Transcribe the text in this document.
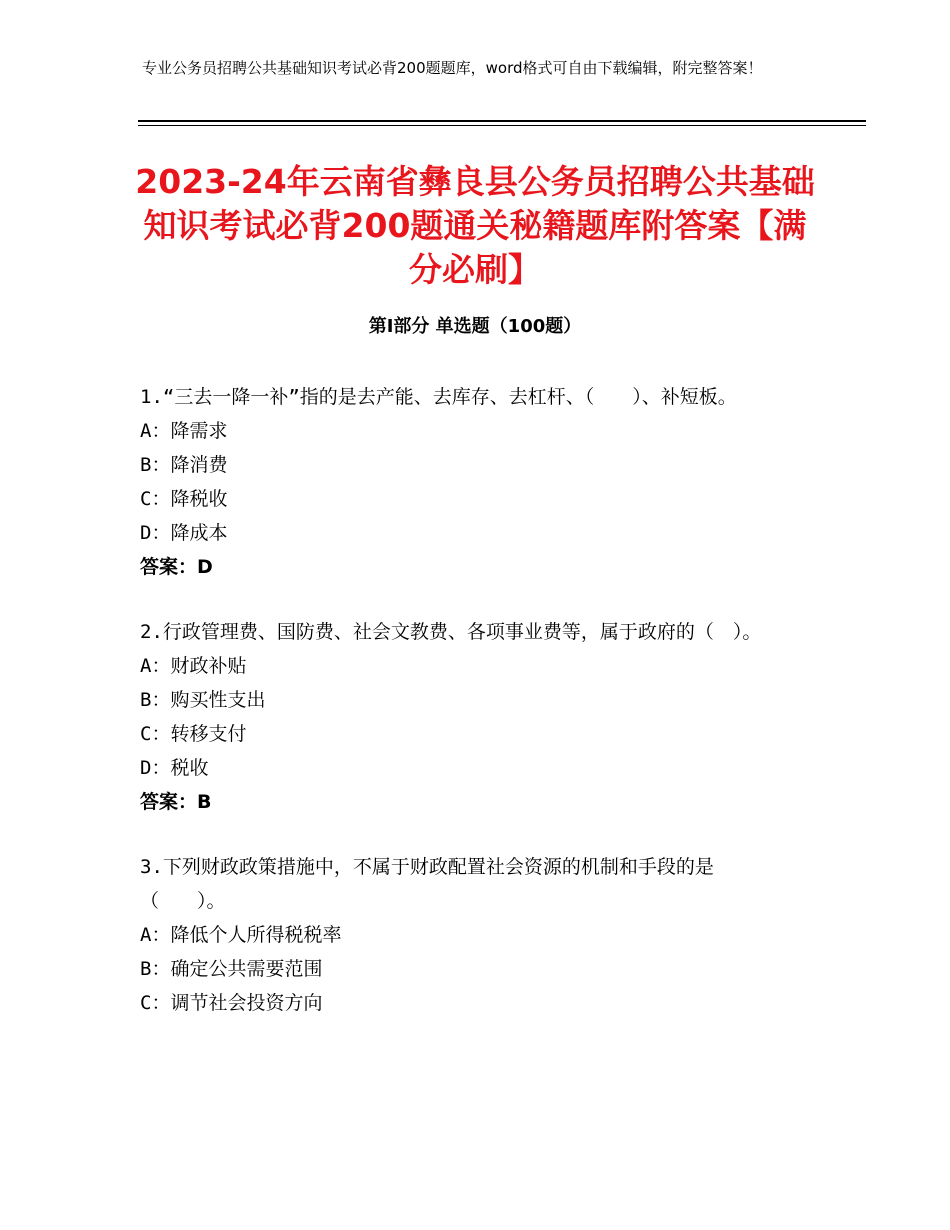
专业公务员招聘公共基础知识考试必背200题题库，word格式可自由下载编辑，附完整答案！
2023-24年云南省彝良县公务员招聘公共基础知识考试必背200题通关秘籍题库附答案【满分必刷】
第Ⅰ部分 单选题（100题）

1.“三去一降一补”指的是去产能、去库存、去杠杆、（　　）、补短板。

A：降需求

B：降消费

C：降税收

D：降成本

答案：D

2.行政管理费、国防费、社会文教费、各项事业费等，属于政府的（　）。

A：财政补贴

B：购买性支出

C：转移支付

D：税收

答案：B

3.下列财政政策措施中，不属于财政配置社会资源的机制和手段的是（　　）。

A：降低个人所得税税率

B：确定公共需要范围

C：调节社会投资方向
